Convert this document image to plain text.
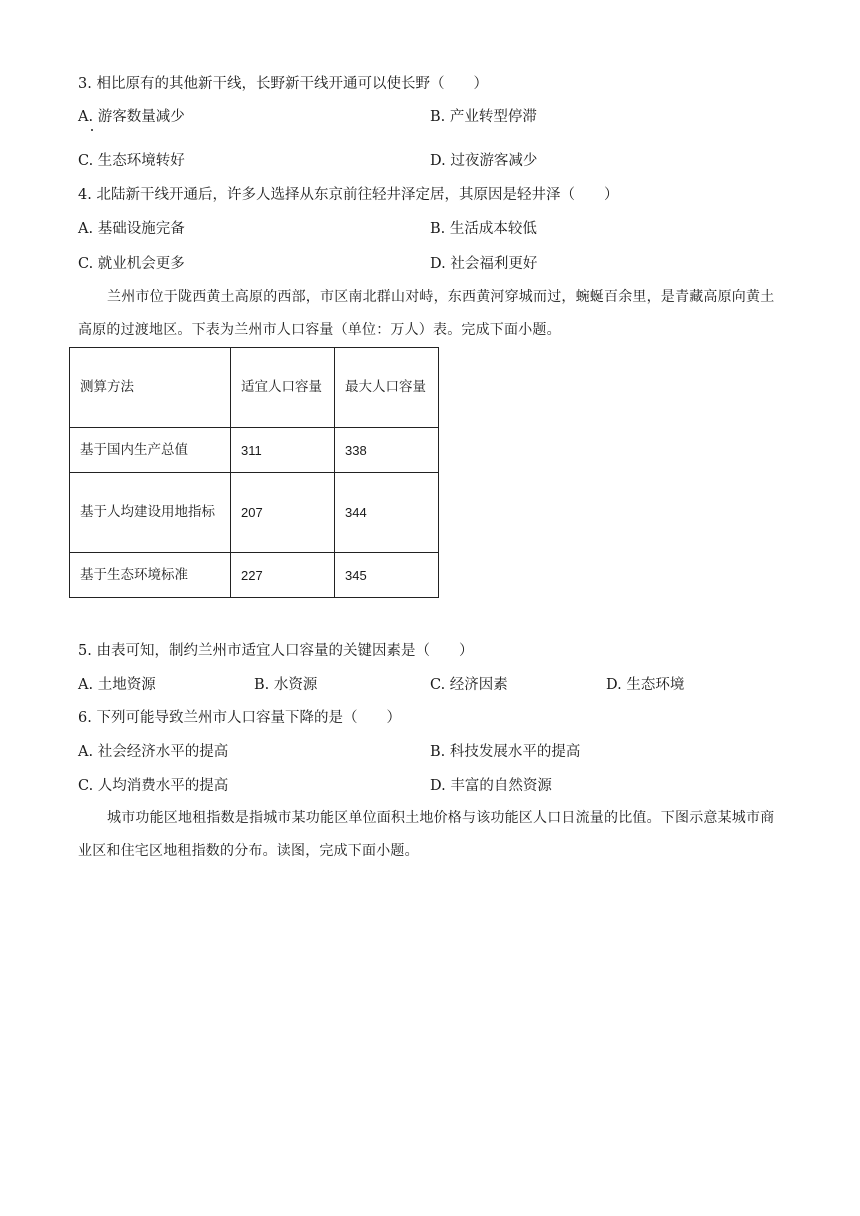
3. 相比原有的其他新干线，长野新干线开通可以使长野（　　）
A. 游客数量减少	B. 产业转型停滞
C. 生态环境转好	D. 过夜游客减少
4. 北陆新干线开通后，许多人选择从东京前往轻井泽定居，其原因是轻井泽（　　）
A. 基础设施完备	B. 生活成本较低
C. 就业机会更多	D. 社会福利更好
兰州市位于陇西黄土高原的西部，市区南北群山对峙，东西黄河穿城而过，蜿蜒百余里，是青藏高原向黄土高原的过渡地区。下表为兰州市人口容量（单位：万人）表。完成下面小题。
测算方法	适宜人口容量	最大人口容量
基于国内生产总值	311	338
基于人均建设用地指标	207	344
基于生态环境标准	227	345
5. 由表可知，制约兰州市适宜人口容量的关键因素是（　　）
A. 土地资源	B. 水资源	C. 经济因素	D. 生态环境
6. 下列可能导致兰州市人口容量下降的是（　　）
A. 社会经济水平的提高	B. 科技发展水平的提高
C. 人均消费水平的提高	D. 丰富的自然资源
城市功能区地租指数是指城市某功能区单位面积土地价格与该功能区人口日流量的比值。下图示意某城市商业区和住宅区地租指数的分布。读图，完成下面小题。
